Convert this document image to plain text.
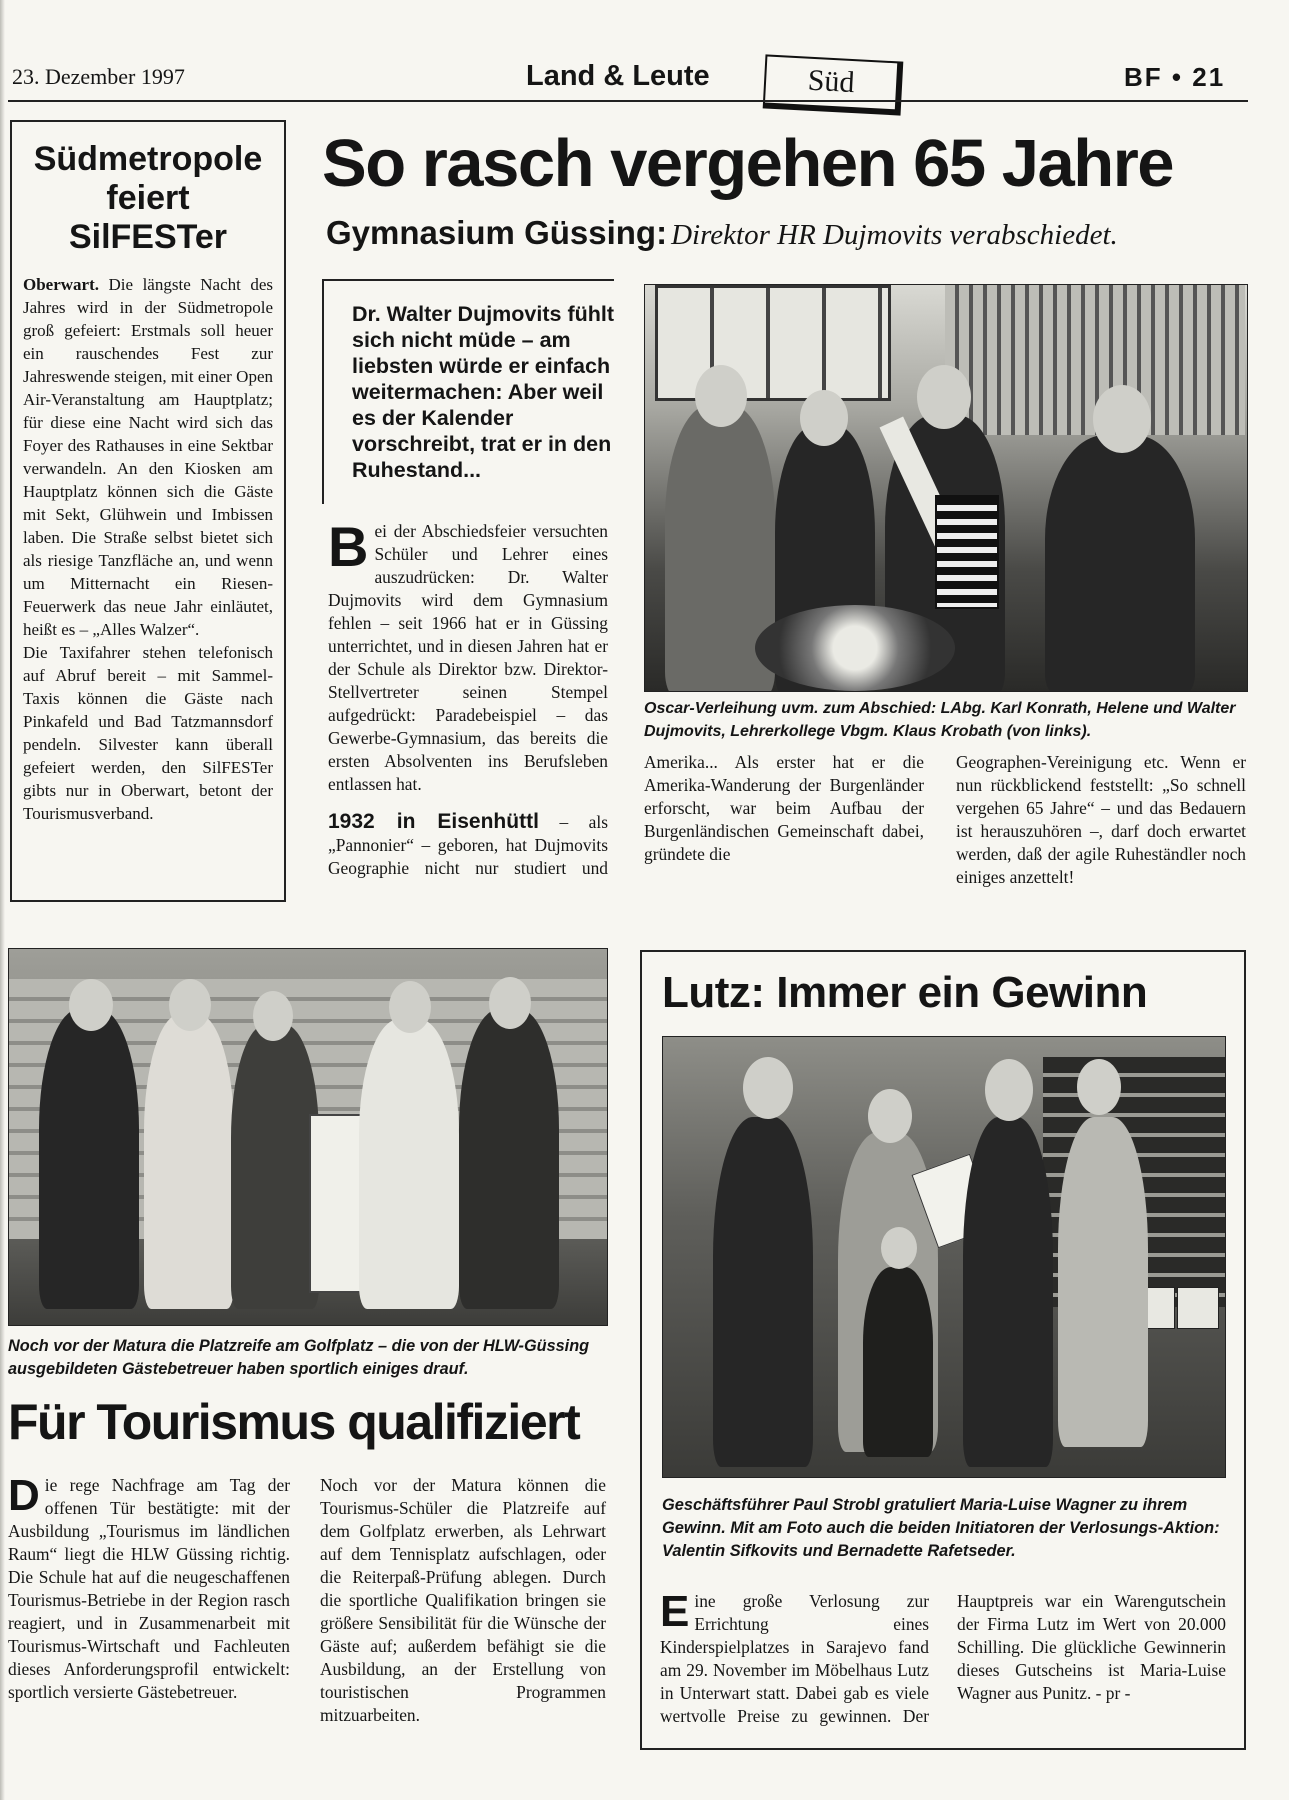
23. Dezember 1997	Land & Leute	Süd	BF • 21
Südmetropole feiert SilFESTer

Oberwart. Die längste Nacht des Jahres wird in der Südmetropole groß gefeiert: Erstmals soll heuer ein rauschendes Fest zur Jahreswende steigen, mit einer Open Air-Veranstaltung am Hauptplatz; für diese eine Nacht wird sich das Foyer des Rathauses in eine Sektbar verwandeln. An den Kiosken am Hauptplatz können sich die Gäste mit Sekt, Glühwein und Imbissen laben. Die Straße selbst bietet sich als riesige Tanzfläche an, und wenn um Mitternacht ein Riesen-Feuerwerk das neue Jahr einläutet, heißt es – „Alles Walzer“.

Die Taxifahrer stehen telefonisch auf Abruf bereit – mit Sammel-Taxis können die Gäste nach Pinkafeld und Bad Tatzmannsdorf pendeln. Silvester kann überall gefeiert werden, den SilFESTer gibts nur in Oberwart, betont der Tourismusverband.

So rasch vergehen 65 Jahre
Gymnasium Güssing: Direktor HR Dujmovits verabschiedet.
Dr. Walter Dujmovits fühlt sich nicht müde – am liebsten würde er einfach weitermachen: Aber weil es der Kalender vorschreibt, trat er in den Ruhestand...

Bei der Abschiedsfeier versuchten Schüler und Lehrer eines auszudrücken: Dr. Walter Dujmovits wird dem Gymnasium fehlen – seit 1966 hat er in Güssing unterrichtet, und in diesen Jahren hat er der Schule als Direktor bzw. Direktor-Stellvertreter seinen Stempel aufgedrückt: Paradebeispiel – das Gewerbe-Gymnasium, das bereits die ersten Absolventen ins Berufsleben entlassen hat.

1932 in Eisenhüttl – als „Pannonier“ – geboren, hat Dujmovits Geographie nicht nur studiert und

Oscar-Verleihung uvm. zum Abschied: LAbg. Karl Konrath, Helene und Walter Dujmovits, Lehrerkollege Vbgm. Klaus Krobath (von links).

Amerika... Als erster hat er die Amerika-Wanderung der Burgenländer erforscht, war beim Aufbau der Burgenländischen Gemeinschaft dabei, gründete die

Geographen-Vereinigung etc. Wenn er nun rückblickend feststellt: „So schnell vergehen 65 Jahre“ – und das Bedauern ist herauszuhören –, darf doch erwartet werden, daß der agile Ruheständler noch einiges anzettelt!

Noch vor der Matura die Platzreife am Golfplatz – die von der HLW-Güssing ausgebildeten Gästebetreuer haben sportlich einiges drauf.

Für Tourismus qualifiziert

Die rege Nachfrage am Tag der offenen Tür bestätigte: mit der Ausbildung „Tourismus im ländlichen Raum“ liegt die HLW Güssing richtig. Die Schule hat auf die neugeschaffenen Tourismus-Betriebe in der Region rasch reagiert, und in Zusammenarbeit mit Tourismus-Wirtschaft und Fachleuten dieses Anforderungsprofil entwickelt: sportlich versierte Gästebetreuer.

Noch vor der Matura können die Tourismus-Schüler die Platzreife auf dem Golfplatz erwerben, als Lehrwart auf dem Tennisplatz aufschlagen, oder die Reiterpaß-Prüfung ablegen. Durch die sportliche Qualifikation bringen sie größere Sensibilität für die Wünsche der Gäste auf; außerdem befähigt sie die Ausbildung, an der Erstellung von touristischen Programmen mitzuarbeiten.

Lutz: Immer ein Gewinn

Geschäftsführer Paul Strobl gratuliert Maria-Luise Wagner zu ihrem Gewinn. Mit am Foto auch die beiden Initiatoren der Verlosungs-Aktion: Valentin Sifkovits und Bernadette Rafetseder.

Eine große Verlosung zur Errichtung eines Kinderspielplatzes in Sarajevo fand am 29. November im Möbelhaus Lutz in Unterwart statt. Dabei gab es viele wertvolle Preise zu gewinnen. Der Hauptpreis war ein Warengutschein der Firma Lutz im Wert von 20.000 Schilling. Die glückliche Gewinnerin dieses Gutscheins ist Maria-Luise Wagner aus Punitz. - pr -
